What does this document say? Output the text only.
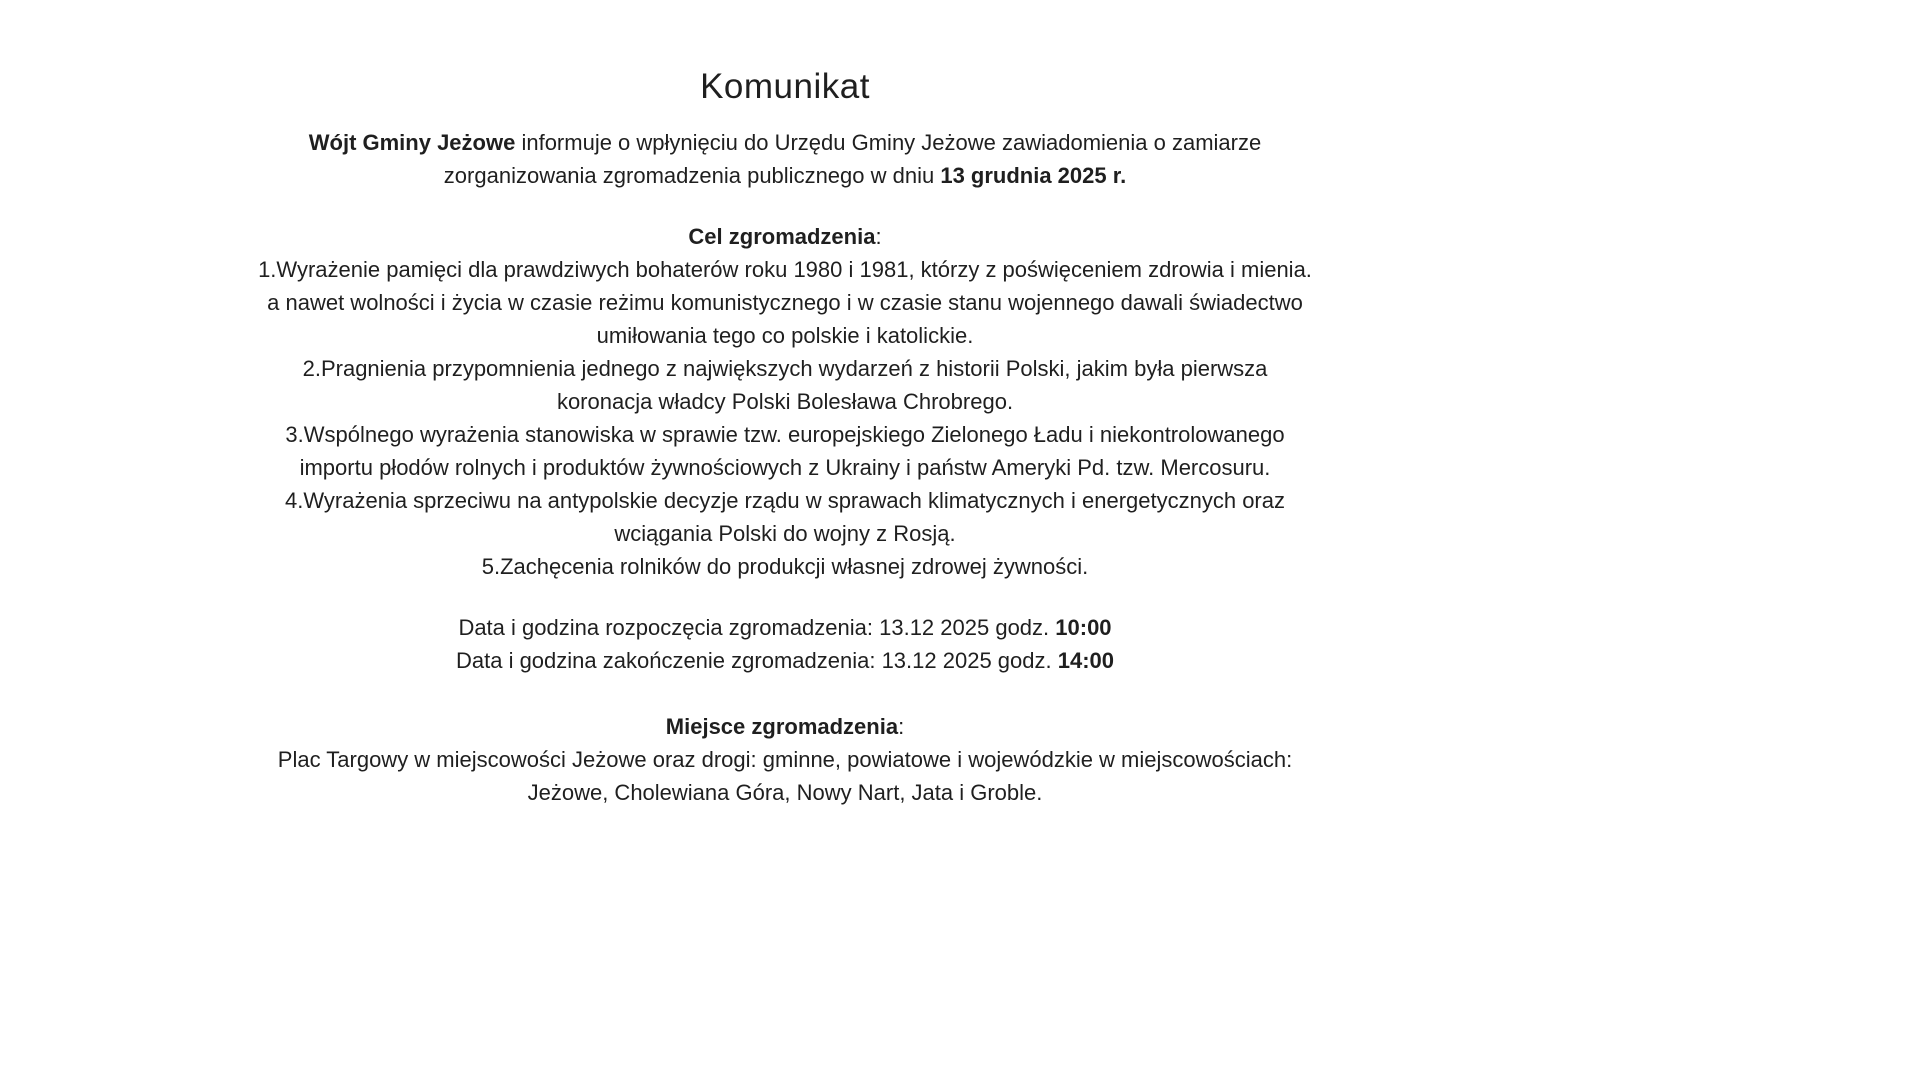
Komunikat
Wójt Gminy Jeżowe informuje o wpłynięciu do Urzędu Gminy Jeżowe zawiadomienia o zamiarze
zorganizowania zgromadzenia publicznego w dniu 13 grudnia 2025 r.
Cel zgromadzenia:
1.Wyrażenie pamięci dla prawdziwych bohaterów roku 1980 i 1981, którzy z poświęceniem zdrowia i mienia.
a nawet wolności i życia w czasie reżimu komunistycznego i w czasie stanu wojennego dawali świadectwo
umiłowania tego co polskie i katolickie.
2.Pragnienia przypomnienia jednego z największych wydarzeń z historii Polski, jakim była pierwsza
koronacja władcy Polski Bolesława Chrobrego.
3.Wspólnego wyrażenia stanowiska w sprawie tzw. europejskiego Zielonego Ładu i niekontrolowanego
importu płodów rolnych i produktów żywnościowych z Ukrainy i państw Ameryki Pd. tzw. Mercosuru.
4.Wyrażenia sprzeciwu na antypolskie decyzje rządu w sprawach klimatycznych i energetycznych oraz
wciągania Polski do wojny z Rosją.
5.Zachęcenia rolników do produkcji własnej zdrowej żywności.
Data i godzina rozpoczęcia zgromadzenia: 13.12 2025 godz. 10:00
Data i godzina zakończenie zgromadzenia: 13.12 2025 godz. 14:00
Miejsce zgromadzenia:
Plac Targowy w miejscowości Jeżowe oraz drogi: gminne, powiatowe i wojewódzkie w miejscowościach:
Jeżowe, Cholewiana Góra, Nowy Nart, Jata i Groble.
